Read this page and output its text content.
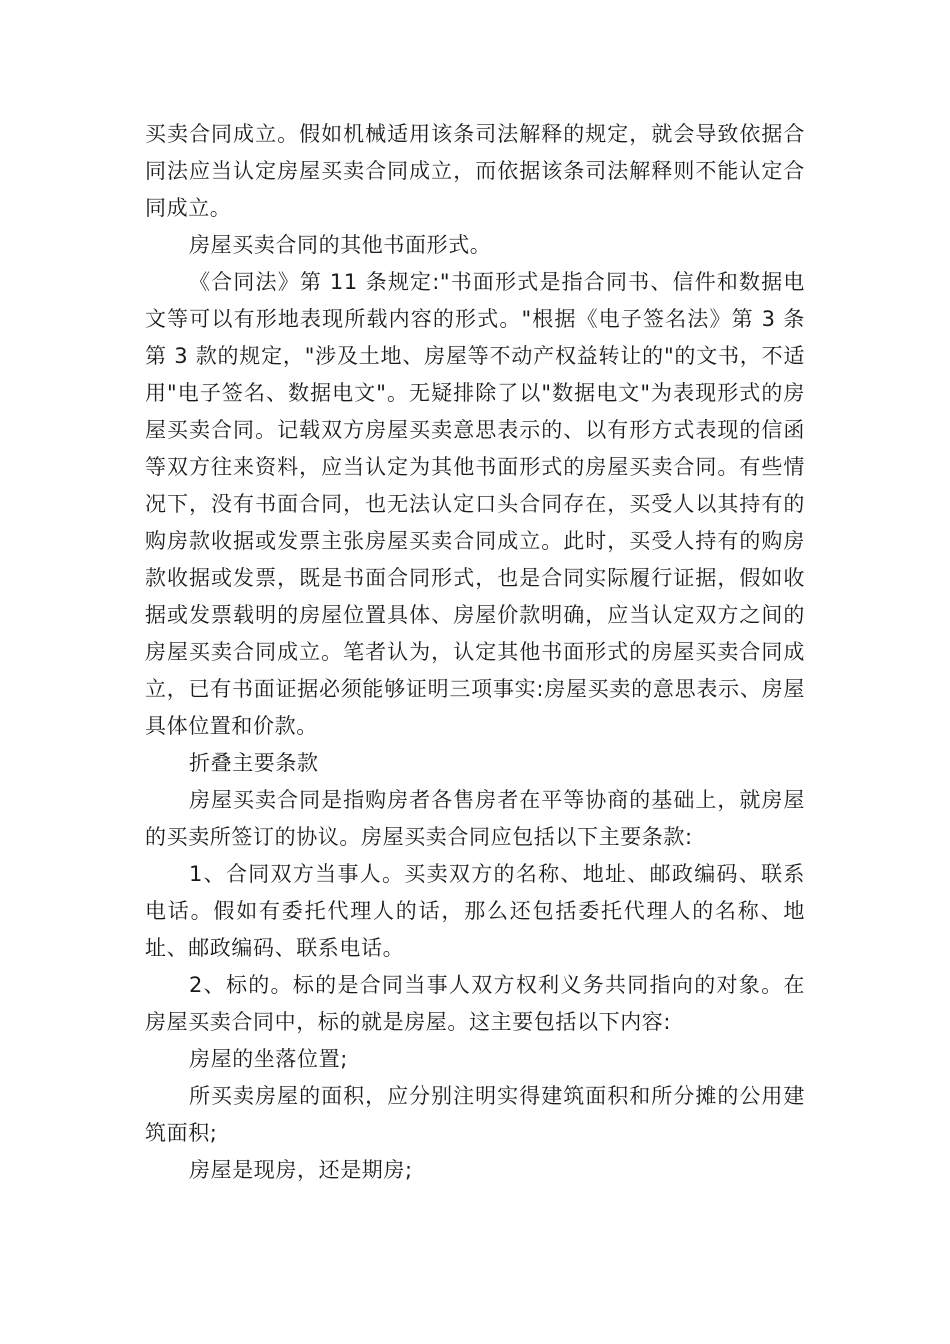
买卖合同成立。假如机械适用该条司法解释的规定，就会导致依据合同法应当认定房屋买卖合同成立，而依据该条司法解释则不能认定合同成立。

房屋买卖合同的其他书面形式。

《合同法》第 11 条规定:"书面形式是指合同书、信件和数据电文等可以有形地表现所载内容的形式。"根据《电子签名法》第 3 条第 3 款的规定，"涉及土地、房屋等不动产权益转让的"的文书，不适用"电子签名、数据电文"。无疑排除了以"数据电文"为表现形式的房屋买卖合同。记载双方房屋买卖意思表示的、以有形方式表现的信函等双方往来资料，应当认定为其他书面形式的房屋买卖合同。有些情况下，没有书面合同，也无法认定口头合同存在，买受人以其持有的购房款收据或发票主张房屋买卖合同成立。此时，买受人持有的购房款收据或发票，既是书面合同形式，也是合同实际履行证据，假如收据或发票载明的房屋位置具体、房屋价款明确，应当认定双方之间的房屋买卖合同成立。笔者认为，认定其他书面形式的房屋买卖合同成立，已有书面证据必须能够证明三项事实:房屋买卖的意思表示、房屋具体位置和价款。

折叠主要条款

房屋买卖合同是指购房者各售房者在平等协商的基础上，就房屋的买卖所签订的协议。房屋买卖合同应包括以下主要条款:

1、合同双方当事人。买卖双方的名称、地址、邮政编码、联系电话。假如有委托代理人的话，那么还包括委托代理人的名称、地址、邮政编码、联系电话。

2、标的。标的是合同当事人双方权利义务共同指向的对象。在房屋买卖合同中，标的就是房屋。这主要包括以下内容:

房屋的坐落位置;

所买卖房屋的面积，应分别注明实得建筑面积和所分摊的公用建筑面积;

房屋是现房，还是期房;
